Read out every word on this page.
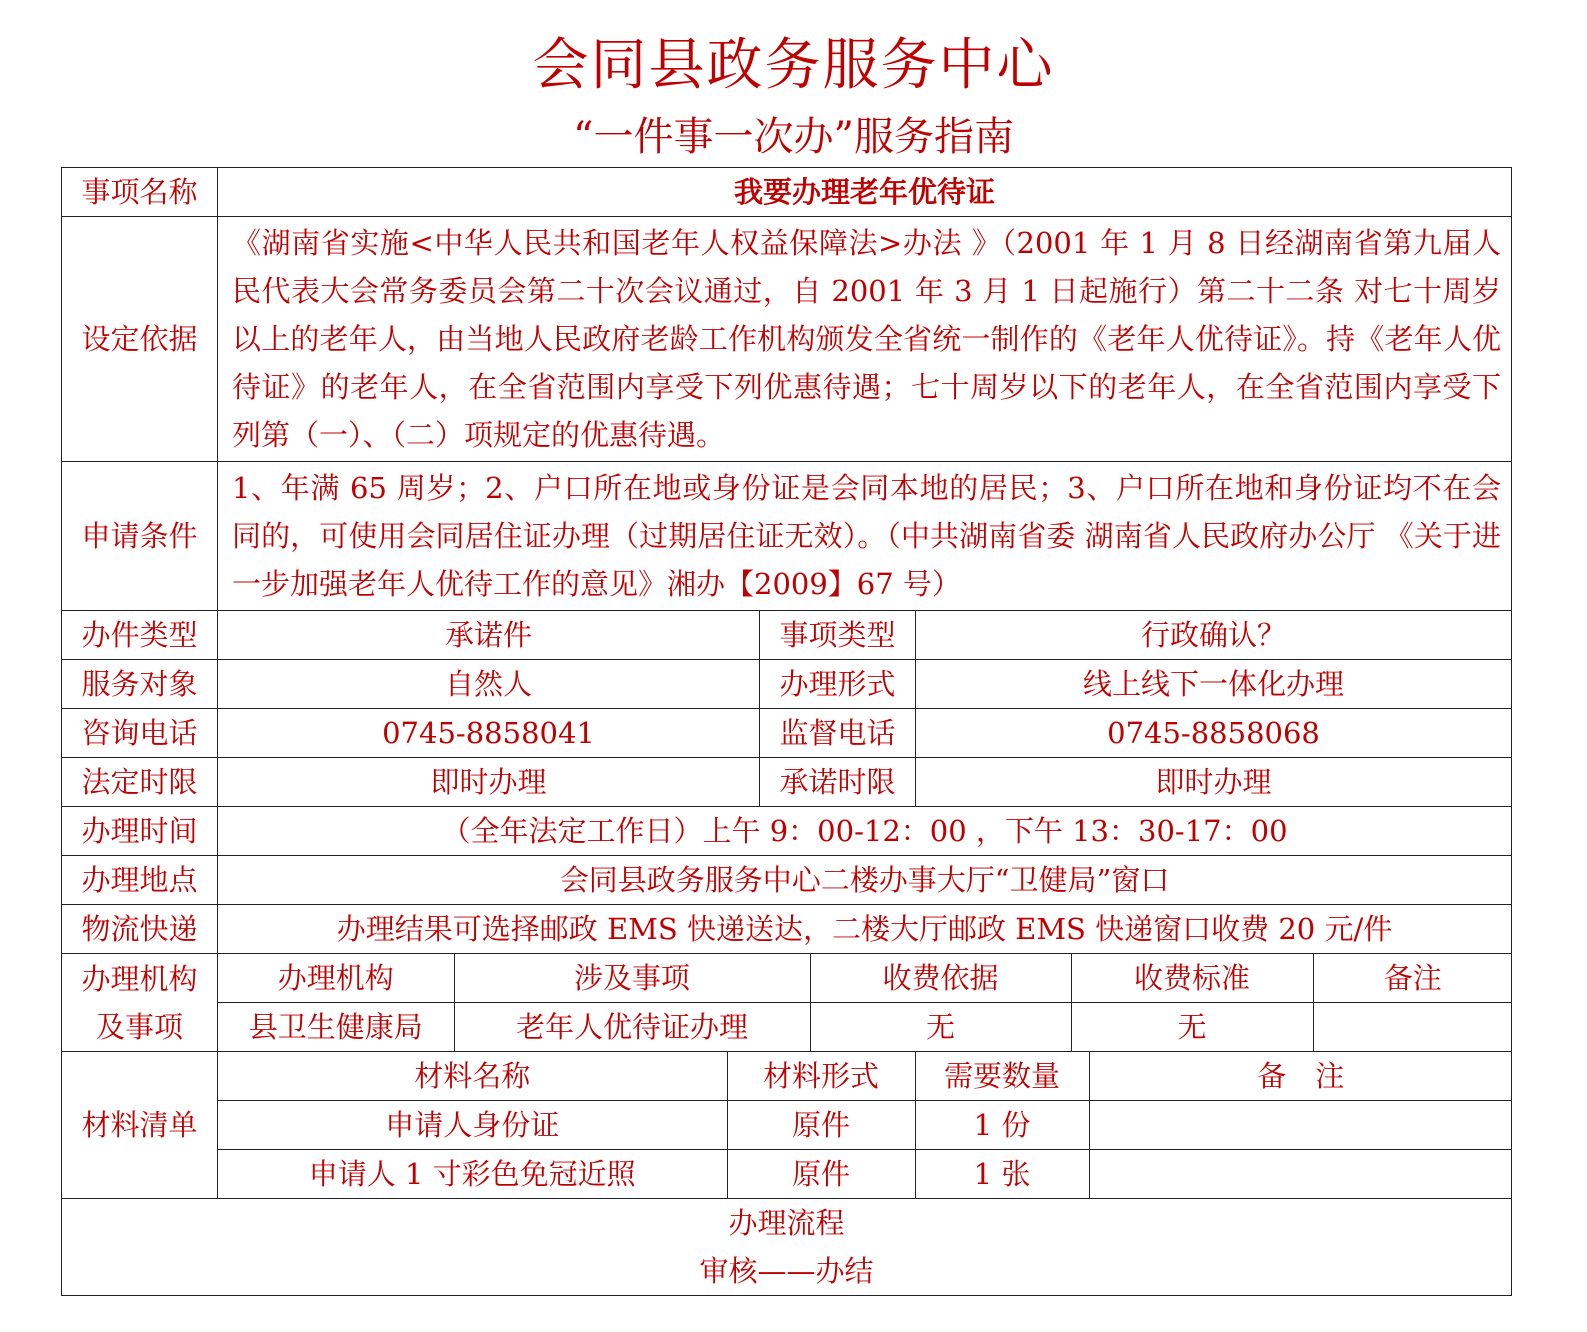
会同县政务服务中心
“一件事一次办”服务指南
事项名称	我要办理老年优待证
设定依据	《湖南省实施<中华人民共和国老年人权益保障法>办法 》（2001 年 1 月 8 日经湖南省第九届人民代表大会常务委员会第二十次会议通过，自 2001 年 3 月 1 日起施行）第二十二条 对七十周岁以上的老年人，由当地人民政府老龄工作机构颁发全省统一制作的《老年人优待证》。持《老年人优待证》的老年人，在全省范围内享受下列优惠待遇；七十周岁以下的老年人，在全省范围内享受下列第（一）、（二）项规定的优惠待遇。
申请条件	1、年满 65 周岁；2、户口所在地或身份证是会同本地的居民；3、户口所在地和身份证均不在会同的，可使用会同居住证办理（过期居住证无效）。（中共湖南省委 湖南省人民政府办公厅 《关于进一步加强老年人优待工作的意见》湘办【2009】67 号）
办件类型	承诺件	事项类型	行政确认？
服务对象	自然人	办理形式	线上线下一体化办理
咨询电话	0745-8858041	监督电话	0745-8858068
法定时限	即时办理	承诺时限	即时办理
办理时间	（全年法定工作日）上午 9：00-12：00 ，下午 13：30-17：00
办理地点	会同县政务服务中心二楼办事大厅“卫健局”窗口
物流快递	办理结果可选择邮政 EMS 快递送达，二楼大厅邮政 EMS 快递窗口收费 20 元/件

办理机构
及事项

办理机构	涉及事项	收费依据	收费标准	备注
县卫生健康局	老年人优待证办理	无	无	

材料清单	
材料名称	材料形式	需要数量	备　注
申请人身份证	原件	1 份	
申请人 1 寸彩色免冠近照	原件	1 张	

办理流程
审核——办结
